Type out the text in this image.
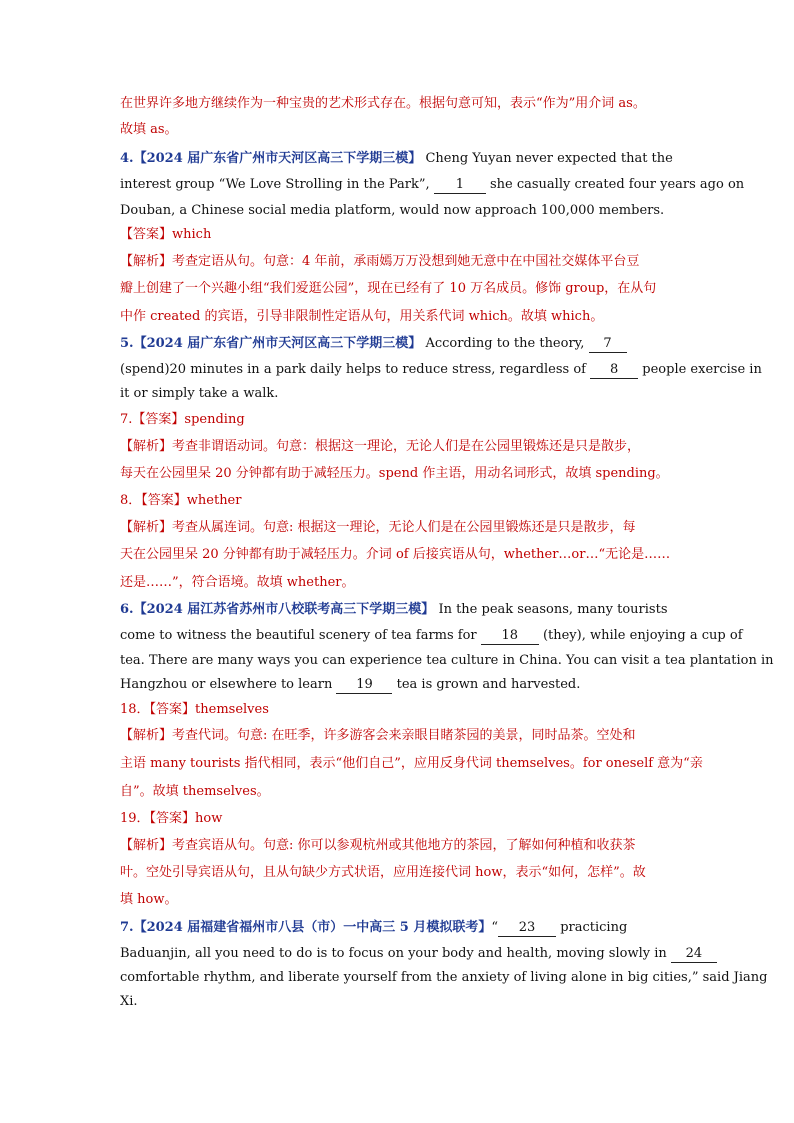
在世界许多地方继续作为一种宝贵的艺术形式存在。根据句意可知，表示“作为”用介词 as。
故填 as。
4.【2024 届广东省广州市天河区高三下学期三模】 Cheng Yuyan never expected that the
interest group “We Love Strolling in the Park”, 1 she casually created four years ago on
Douban, a Chinese social media platform, would now approach 100,000 members.
【答案】which
【解析】考查定语从句。句意：4 年前，承雨嫣万万没想到她无意中在中国社交媒体平台豆
瓣上创建了一个兴趣小组“我们爱逛公园”，现在已经有了 10 万名成员。修饰 group，在从句
中作 created 的宾语，引导非限制性定语从句，用关系代词 which。故填 which。
5.【2024 届广东省广州市天河区高三下学期三模】 According to the theory, 7
(spend)20 minutes in a park daily helps to reduce stress, regardless of 8 people exercise in
it or simply take a walk.
7.【答案】spending
【解析】考查非谓语动词。句意：根据这一理论，无论人们是在公园里锻炼还是只是散步，
每天在公园里呆 20 分钟都有助于减轻压力。spend 作主语，用动名词形式，故填 spending。
8．【答案】whether
【解析】考查从属连词。句意: 根据这一理论，无论人们是在公园里锻炼还是只是散步，每
天在公园里呆 20 分钟都有助于减轻压力。介词 of 后接宾语从句，whether…or…“无论是……
还是……”，符合语境。故填 whether。
6.【2024 届江苏省苏州市八校联考高三下学期三模】 In the peak seasons, many tourists
come to witness the beautiful scenery of tea farms for 18 (they), while enjoying a cup of
tea. There are many ways you can experience tea culture in China. You can visit a tea plantation in
Hangzhou or elsewhere to learn 19 tea is grown and harvested.
18．【答案】themselves
【解析】考查代词。句意: 在旺季，许多游客会来亲眼目睹茶园的美景，同时品茶。空处和
主语 many tourists 指代相同，表示“他们自己”，应用反身代词 themselves。for oneself 意为“亲
自”。故填 themselves。
19．【答案】how
【解析】考查宾语从句。句意: 你可以参观杭州或其他地方的茶园，了解如何种植和收获茶
叶。空处引导宾语从句，且从句缺少方式状语，应用连接代词 how，表示“如何，怎样”。故
填 how。
7.【2024 届福建省福州市八县（市）一中高三 5 月模拟联考】“ 23 practicing
Baduanjin, all you need to do is to focus on your body and health, moving slowly in 24
comfortable rhythm, and liberate yourself from the anxiety of living alone in big cities,” said Jiang
Xi.
